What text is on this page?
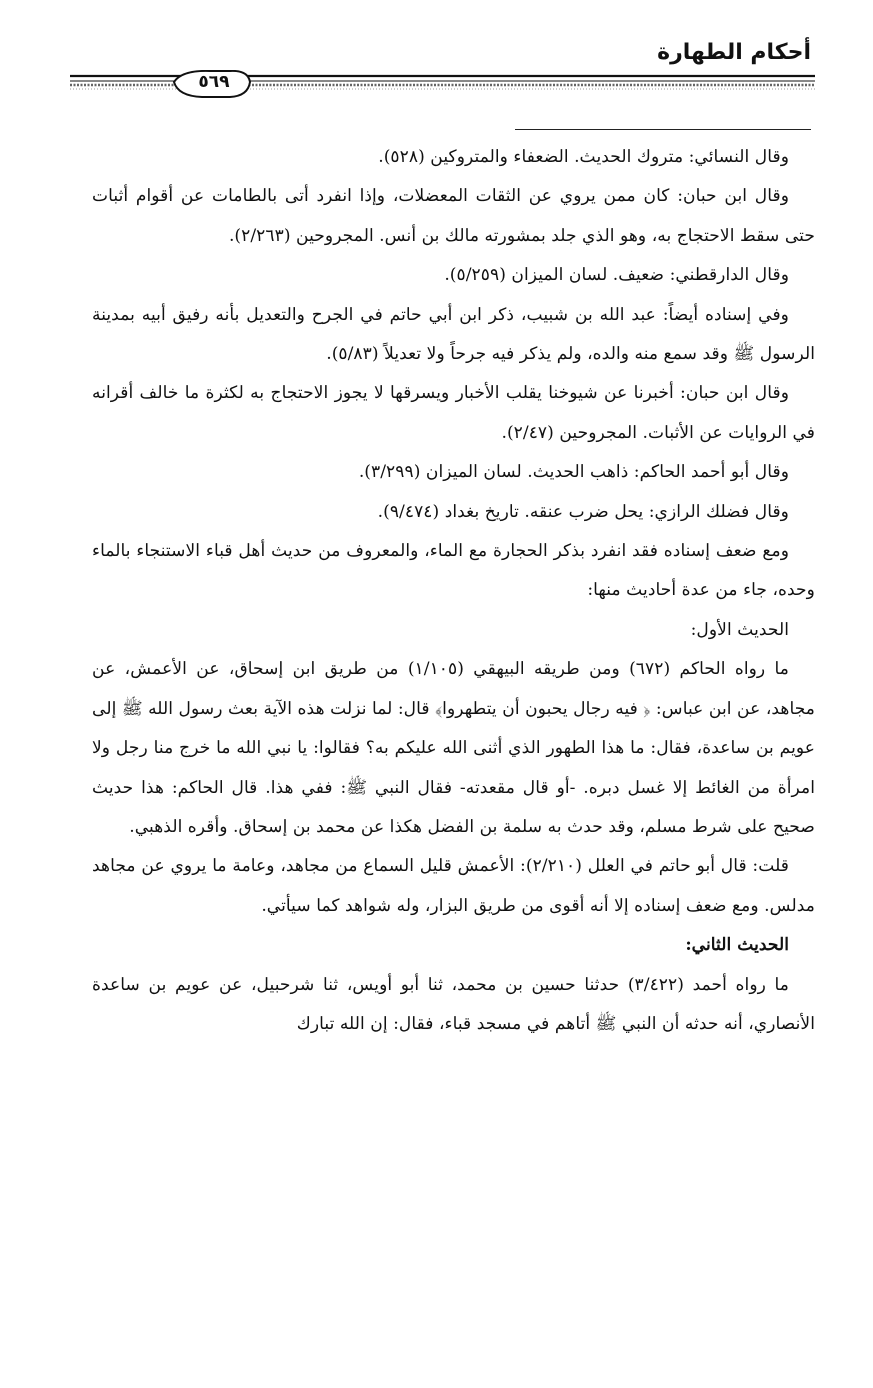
أحكام الطهارة
٥٦٩

وقال النسائي: متروك الحديث. الضعفاء والمتروكين (٥٢٨).

وقال ابن حبان: كان ممن يروي عن الثقات المعضلات، وإذا انفرد أتى بالطامات عن أقوام أثبات حتى سقط الاحتجاج به، وهو الذي جلد بمشورته مالك بن أنس. المجروحين (٢/٢٦٣).

وقال الدارقطني: ضعيف. لسان الميزان (٥/٢٥٩).

وفي إسناده أيضاً: عبد الله بن شبيب، ذكر ابن أبي حاتم في الجرح والتعديل بأنه رفيق أبيه بمدينة الرسول ﷺ وقد سمع منه والده، ولم يذكر فيه جرحاً ولا تعديلاً (٥/٨٣).

وقال ابن حبان: أخبرنا عن شيوخنا يقلب الأخبار ويسرقها لا يجوز الاحتجاج به لكثرة ما خالف أقرانه في الروايات عن الأثبات. المجروحين (٢/٤٧).

وقال أبو أحمد الحاكم: ذاهب الحديث. لسان الميزان (٣/٢٩٩).

وقال فضلك الرازي: يحل ضرب عنقه. تاريخ بغداد (٩/٤٧٤).

ومع ضعف إسناده فقد انفرد بذكر الحجارة مع الماء، والمعروف من حديث أهل قباء الاستنجاء بالماء وحده، جاء من عدة أحاديث منها:

الحديث الأول:

ما رواه الحاكم (٦٧٢) ومن طريقه البيهقي (١/١٠٥) من طريق ابن إسحاق، عن الأعمش، عن مجاهد، عن ابن عباس: ﴿ فيه رجال يحبون أن يتطهروا﴾ قال: لما نزلت هذه الآية بعث رسول الله ﷺ إلى عويم بن ساعدة، فقال: ما هذا الطهور الذي أثنى الله عليكم به؟ فقالوا: يا نبي الله ما خرج منا رجل ولا امرأة من الغائط إلا غسل دبره. -أو قال مقعدته- فقال النبي ﷺ: ففي هذا. قال الحاكم: هذا حديث صحيح على شرط مسلم، وقد حدث به سلمة بن الفضل هكذا عن محمد بن إسحاق. وأقره الذهبي.

قلت: قال أبو حاتم في العلل (٢/٢١٠): الأعمش قليل السماع من مجاهد، وعامة ما يروي عن مجاهد مدلس. ومع ضعف إسناده إلا أنه أقوى من طريق البزار، وله شواهد كما سيأتي.

الحديث الثاني:

ما رواه أحمد (٣/٤٢٢) حدثنا حسين بن محمد، ثنا أبو أويس، ثنا شرحبيل، عن عويم بن ساعدة الأنصاري، أنه حدثه أن النبي ﷺ أتاهم في مسجد قباء، فقال: إن الله تبارك
